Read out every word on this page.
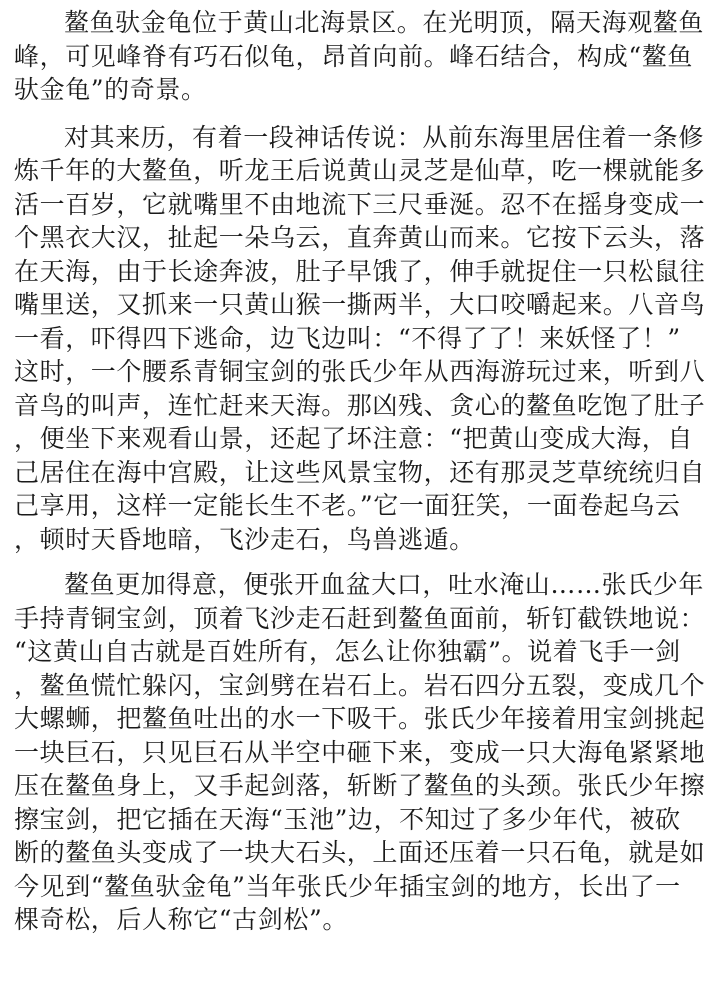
鳌鱼驮金龟位于黄山北海景区。在光明顶，隔天海观鳌鱼
峰，可见峰脊有巧石似龟，昂首向前。峰石结合，构成“鳌鱼
驮金龟”的奇景。
对其来历，有着一段神话传说：从前东海里居住着一条修
炼千年的大鳌鱼，听龙王后说黄山灵芝是仙草，吃一棵就能多
活一百岁，它就嘴里不由地流下三尺垂涎。忍不在摇身变成一
个黑衣大汉，扯起一朵乌云，直奔黄山而来。它按下云头，落
在天海，由于长途奔波，肚子早饿了，伸手就捉住一只松鼠往
嘴里送，又抓来一只黄山猴一撕两半，大口咬嚼起来。八音鸟
一看，吓得四下逃命，边飞边叫：“不得了了！来妖怪了！”
这时，一个腰系青铜宝剑的张氏少年从西海游玩过来，听到八
音鸟的叫声，连忙赶来天海。那凶残、贪心的鳌鱼吃饱了肚子
，便坐下来观看山景，还起了坏注意：“把黄山变成大海，自
己居住在海中宫殿，让这些风景宝物，还有那灵芝草统统归自
己享用，这样一定能长生不老。”它一面狂笑，一面卷起乌云
，顿时天昏地暗，飞沙走石，鸟兽逃遁。
鳌鱼更加得意，便张开血盆大口，吐水淹山……张氏少年
手持青铜宝剑，顶着飞沙走石赶到鳌鱼面前，斩钉截铁地说：
“这黄山自古就是百姓所有，怎么让你独霸”。说着飞手一剑
，鳌鱼慌忙躲闪，宝剑劈在岩石上。岩石四分五裂，变成几个
大螺蛳，把鳌鱼吐出的水一下吸干。张氏少年接着用宝剑挑起
一块巨石，只见巨石从半空中砸下来，变成一只大海龟紧紧地
压在鳌鱼身上，又手起剑落，斩断了鳌鱼的头颈。张氏少年擦
擦宝剑，把它插在天海“玉池”边，不知过了多少年代，被砍
断的鳌鱼头变成了一块大石头，上面还压着一只石龟，就是如
今见到“鳌鱼驮金龟”当年张氏少年插宝剑的地方，长出了一
棵奇松，后人称它“古剑松”。
